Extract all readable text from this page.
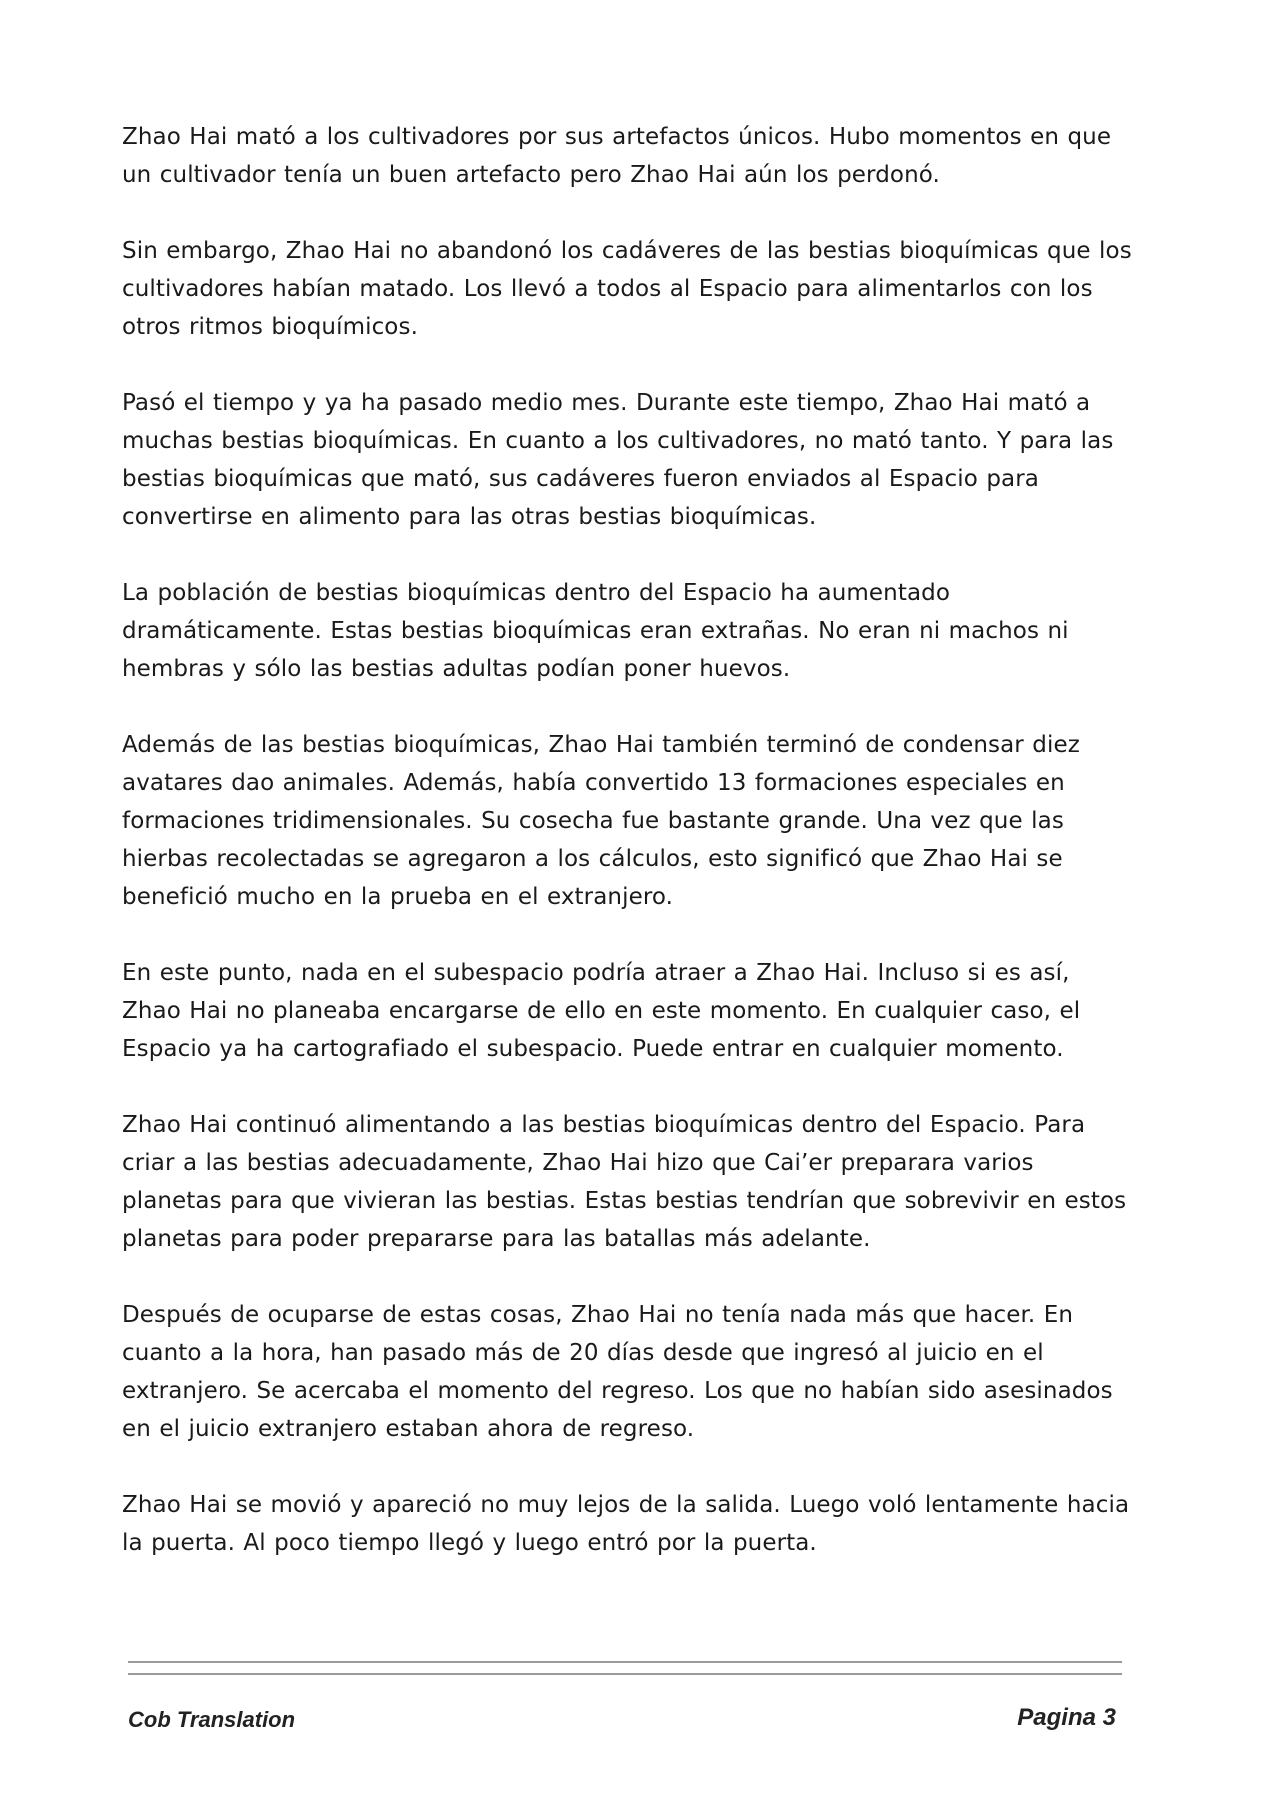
Zhao Hai mató a los cultivadores por sus artefactos únicos. Hubo momentos en que un cultivador tenía un buen artefacto pero Zhao Hai aún los perdonó.

Sin embargo, Zhao Hai no abandonó los cadáveres de las bestias bioquímicas que los cultivadores habían matado. Los llevó a todos al Espacio para alimentarlos con los otros ritmos bioquímicos.

Pasó el tiempo y ya ha pasado medio mes. Durante este tiempo, Zhao Hai mató a muchas bestias bioquímicas. En cuanto a los cultivadores, no mató tanto. Y para las bestias bioquímicas que mató, sus cadáveres fueron enviados al Espacio para convertirse en alimento para las otras bestias bioquímicas.

La población de bestias bioquímicas dentro del Espacio ha aumentado dramáticamente. Estas bestias bioquímicas eran extrañas. No eran ni machos ni hembras y sólo las bestias adultas podían poner huevos.

Además de las bestias bioquímicas, Zhao Hai también terminó de condensar diez avatares dao animales. Además, había convertido 13 formaciones especiales en formaciones tridimensionales. Su cosecha fue bastante grande. Una vez que las hierbas recolectadas se agregaron a los cálculos, esto significó que Zhao Hai se benefició mucho en la prueba en el extranjero.

En este punto, nada en el subespacio podría atraer a Zhao Hai. Incluso si es así, Zhao Hai no planeaba encargarse de ello en este momento. En cualquier caso, el Espacio ya ha cartografiado el subespacio. Puede entrar en cualquier momento.

Zhao Hai continuó alimentando a las bestias bioquímicas dentro del Espacio. Para criar a las bestias adecuadamente, Zhao Hai hizo que Cai’er preparara varios planetas para que vivieran las bestias. Estas bestias tendrían que sobrevivir en estos planetas para poder prepararse para las batallas más adelante.

Después de ocuparse de estas cosas, Zhao Hai no tenía nada más que hacer. En cuanto a la hora, han pasado más de 20 días desde que ingresó al juicio en el extranjero. Se acercaba el momento del regreso. Los que no habían sido asesinados en el juicio extranjero estaban ahora de regreso.

Zhao Hai se movió y apareció no muy lejos de la salida. Luego voló lentamente hacia la puerta. Al poco tiempo llegó y luego entró por la puerta.

Cob Translation	Pagina 3
